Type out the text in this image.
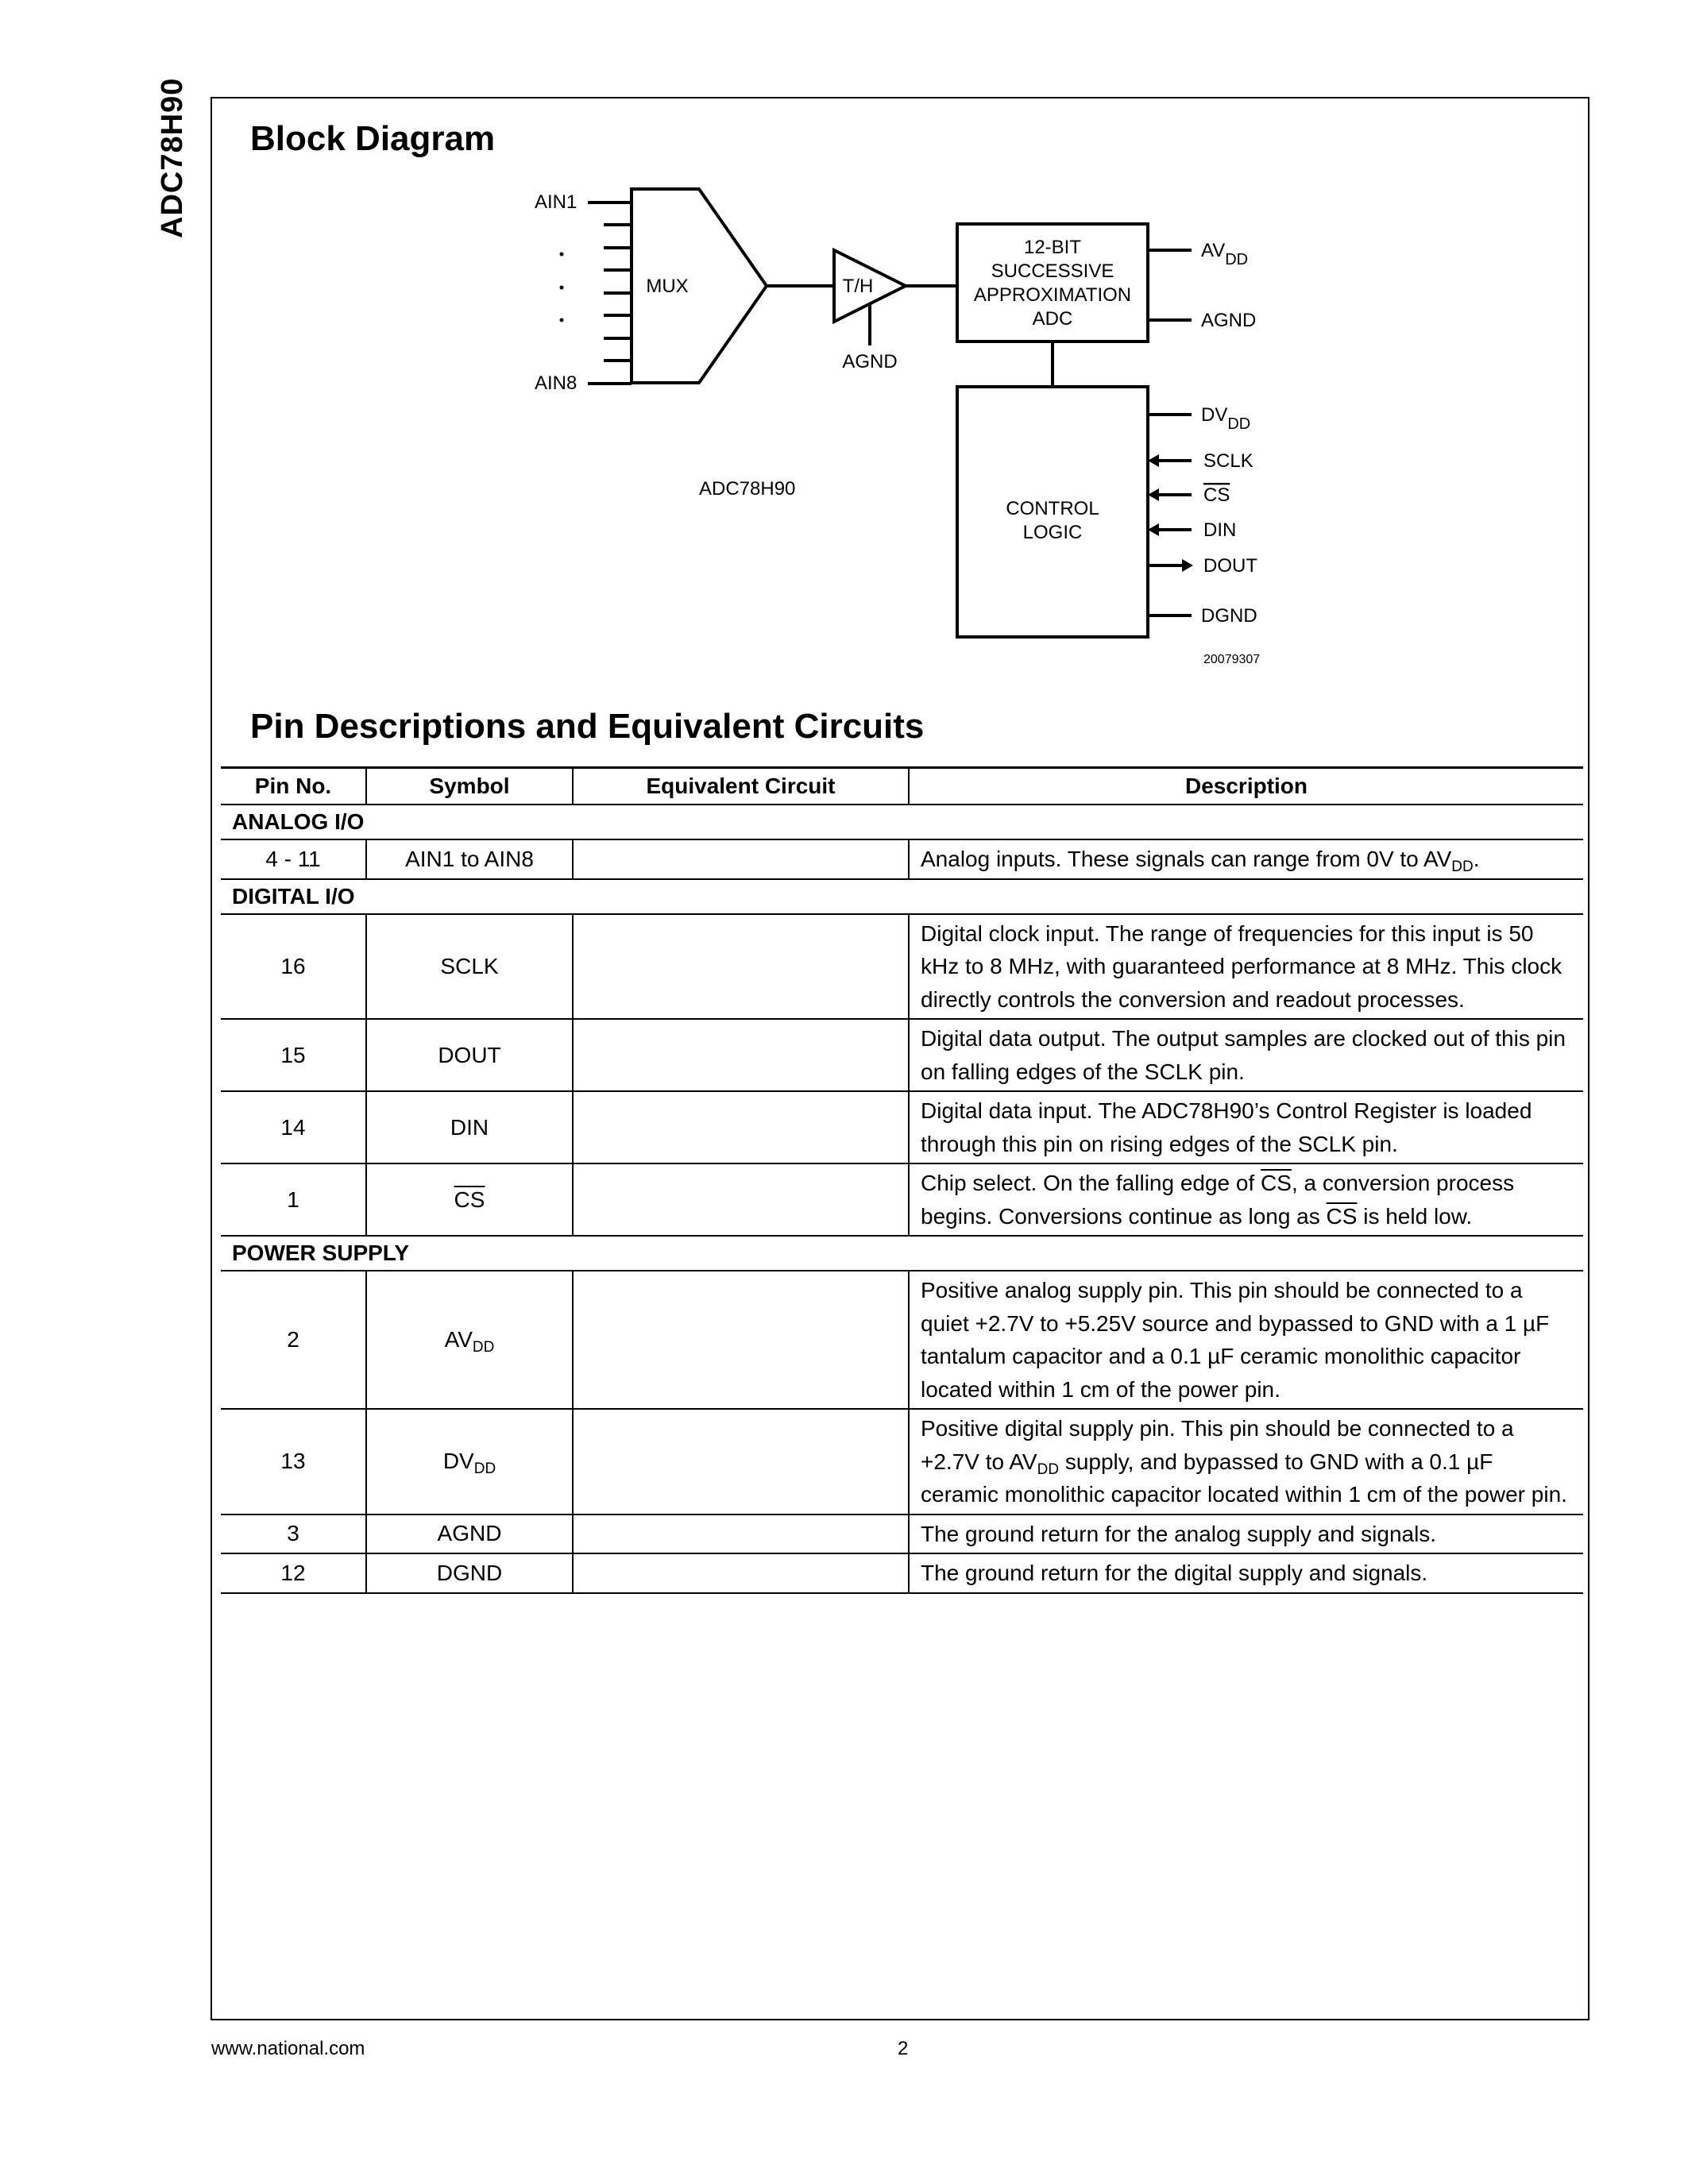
ADC78H90 Block Diagram
AIN1
AIN8
MUX	T/H
AGND
12-BIT
SUCCESSIVE
APPROXIMATION
ADC
$AV_{DD}$
AGND
$DV_{DD}$
CONTROL
LOGIC
SCLK
CS
DIN
DOUT
DGND
ADC78H90
20079307
Pin Descriptions and Equivalent Circuits
Pin No.	Symbol	Equivalent Circuit	Description
ANALOG I/O			
4 - 11	AIN1 to AIN8		Analog inputs. These signals can range from 0V to $AV_{DD}$.
DIGITAL I/O			
16	SCLK		Digital clock input. The range of frequencies for this input is 50 kHz to 8 MHz, with guaranteed performance at 8 MHz. This clock directly controls the conversion and readout processes.
15	DOUT		Digital data output. The output samples are clocked out of this pin on falling edges of the SCLK pin.
14	DIN		Digital data input. The ADC78H90’s Control Register is loaded through this pin on rising edges of the SCLK pin.
1	$\overline{CS}$		Chip select. On the falling edge of $\overline{CS}$, a conversion process begins. Conversions continue as long as $\overline{CS}$ is held low.
POWER SUPPLY			
2	$AV_{DD}$		Positive analog supply pin. This pin should be connected to a quiet +2.7V to +5.25V source and bypassed to GND with a 1 µF tantalum capacitor and a 0.1 µF ceramic monolithic capacitor located within 1 cm of the power pin.
13	$DV_{DD}$		Positive digital supply pin. This pin should be connected to a +2.7V to $AV_{DD}$ supply, and bypassed to GND with a 0.1 µF ceramic monolithic capacitor located within 1 cm of the power pin.
3	AGND		The ground return for the analog supply and signals.
12	DGND		The ground return for the digital supply and signals.
www.national.com	2
